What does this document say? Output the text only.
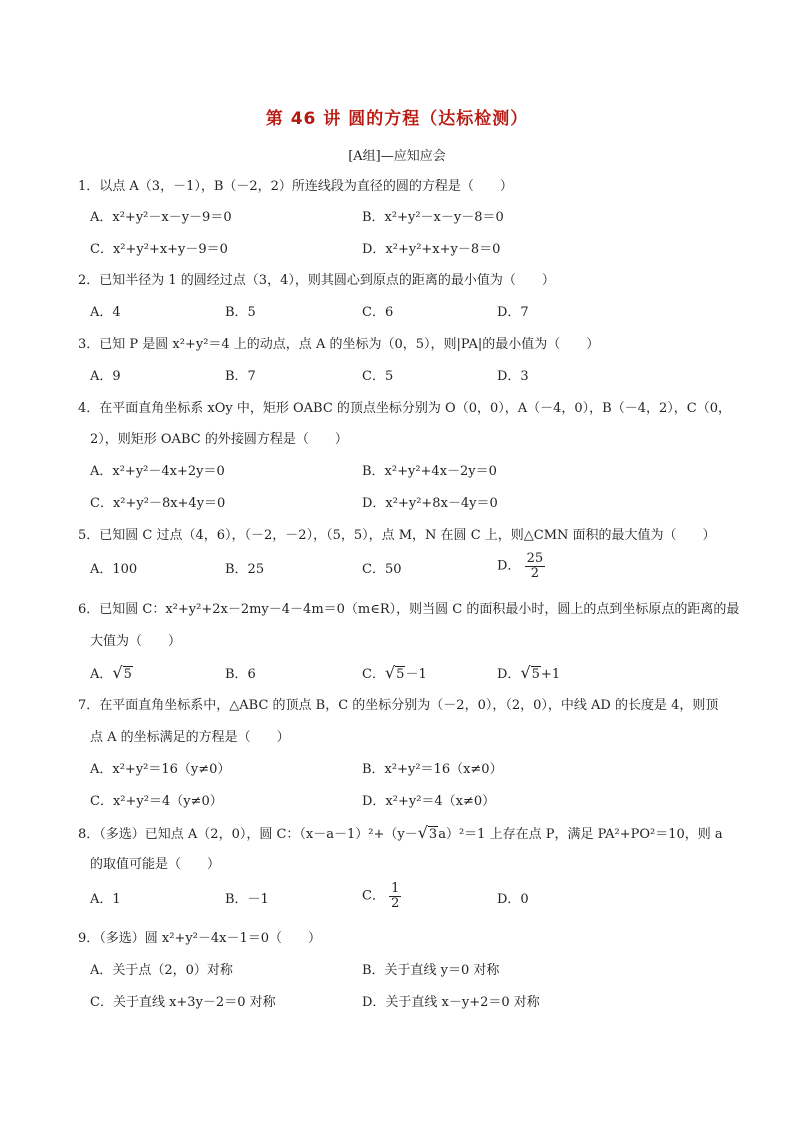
第 46 讲 圆的方程（达标检测）
[A组]—应知应会
1．以点 A（3，－1），B（－2，2）所连线段为直径的圆的方程是（　　）
A．x²+y²－x－y－9＝0	B．x²+y²－x－y－8＝0
C．x²+y²+x+y－9＝0	D．x²+y²+x+y－8＝0
2．已知半径为 1 的圆经过点（3，4），则其圆心到原点的距离的最小值为（　　）
A．4	B．5	C．6	D．7
3．已知 P 是圆 x²+y²＝4 上的动点，点 A 的坐标为（0，5），则|PA|的最小值为（　　）
A．9	B．7	C．5	D．3
4．在平面直角坐标系 xOy 中，矩形 OABC 的顶点坐标分别为 O（0，0），A（－4，0），B（－4，2），C（0，
2），则矩形 OABC 的外接圆方程是（　　）
A．x²+y²－4x+2y＝0	B．x²+y²+4x－2y＝0
C．x²+y²－8x+4y＝0	D．x²+y²+8x－4y＝0
5．已知圆 C 过点（4，6），（－2，－2），（5，5），点 M，N 在圆 C 上，则△CMN 面积的最大值为（　　）
A．100	B．25	C．50	D． $\frac{25}{2}$
6．已知圆 C：x²+y²+2x－2my－4－4m＝0（m∈R），则当圆 C 的面积最小时，圆上的点到坐标原点的距离的最
大值为（　　）
A．√5	B．6	C．√5－1	D．√5+1
7．在平面直角坐标系中，△ABC 的顶点 B，C 的坐标分别为（－2，0），（2，0），中线 AD 的长度是 4，则顶
点 A 的坐标满足的方程是（　　）
A．x²+y²＝16（y≠0）	B．x²+y²＝16（x≠0）
C．x²+y²＝4（y≠0）	D．x²+y²＝4（x≠0）
8．（多选）已知点 A（2，0），圆 C：（x－a－1）²+（y－√3a）²＝1 上存在点 P，满足 PA²+PO²＝10，则 a
的取值可能是（　　）
A．1	B．－1	C． $\frac{1}{2}$	D．0
9．（多选）圆 x²+y²－4x－1＝0（　　）
A．关于点（2，0）对称	B．关于直线 y＝0 对称
C．关于直线 x+3y－2＝0 对称	D．关于直线 x－y+2＝0 对称
